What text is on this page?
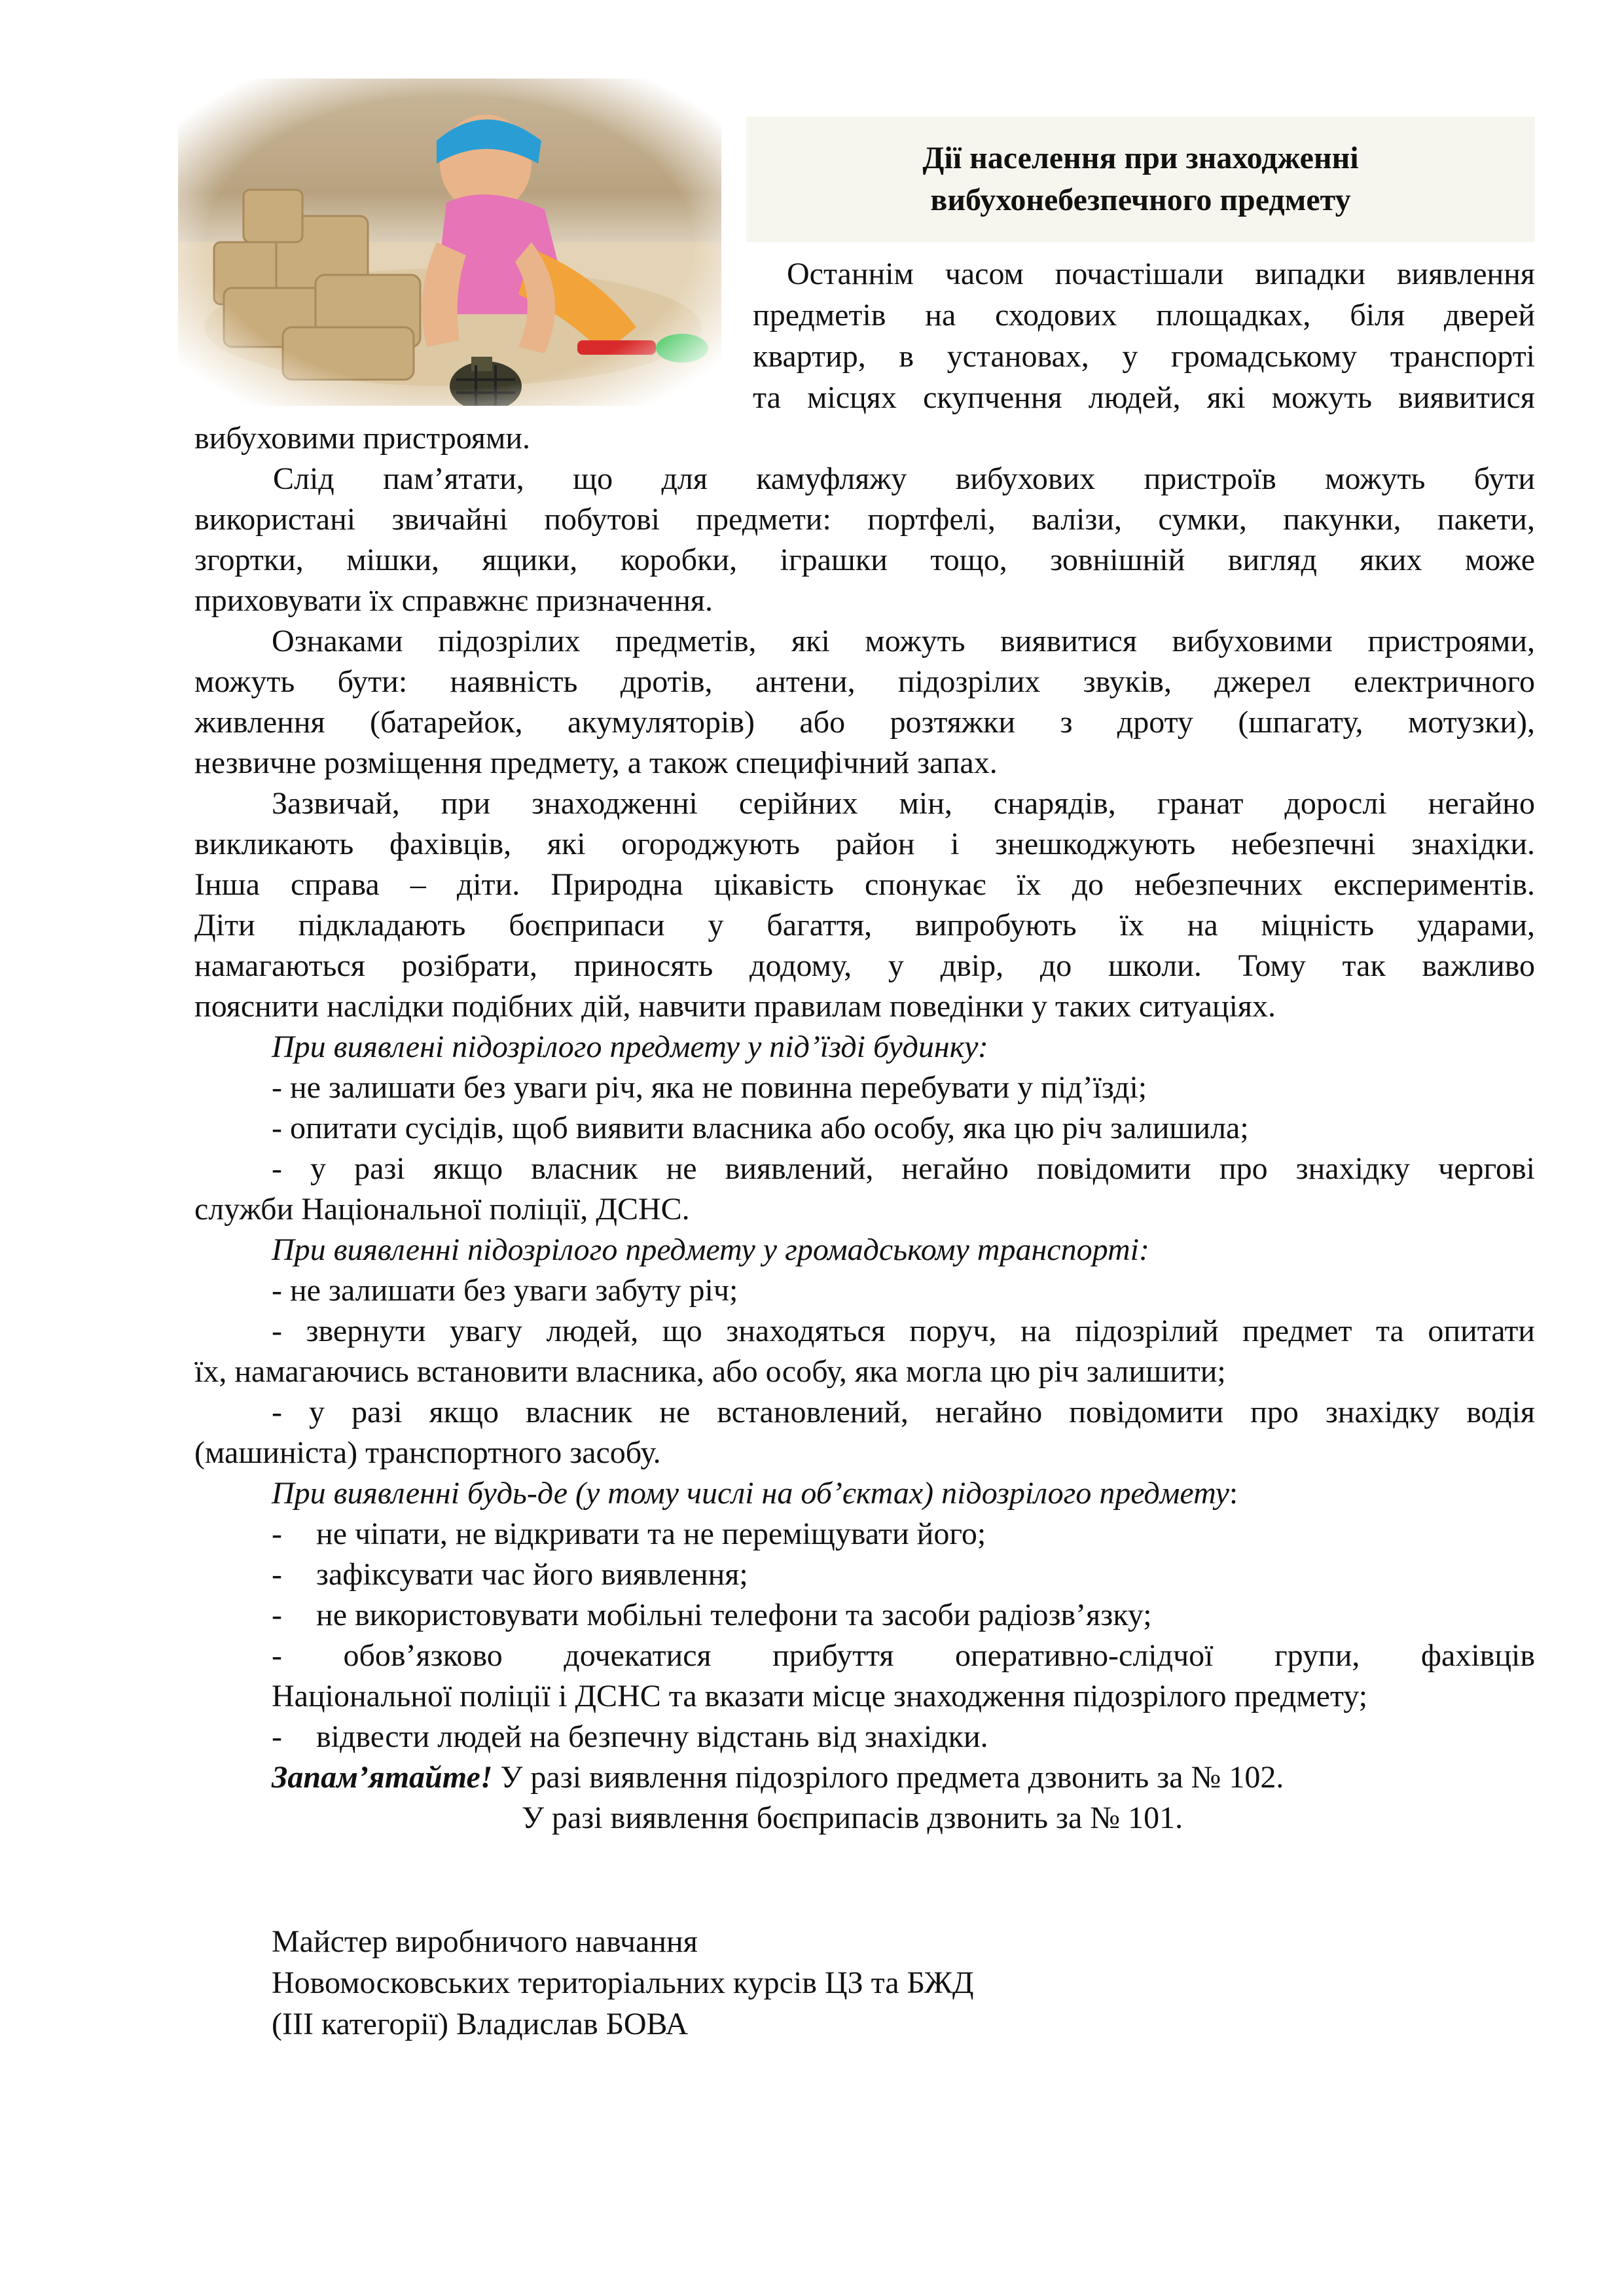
Дії населення при знаходженні
вибухонебезпечного предмету
Останнім часом почастішали випадки виявлення
предметів на сходових площадках, біля дверей
квартир, в установах, у громадському транспорті
та місцях скупчення людей, які можуть виявитися
вибуховими пристроями.
Слід пам’ятати, що для камуфляжу вибухових пристроїв можуть бути
використані звичайні побутові предмети: портфелі, валізи, сумки, пакунки, пакети,
згортки, мішки, ящики, коробки, іграшки тощо, зовнішній вигляд яких може
приховувати їх справжнє призначення.
Ознаками підозрілих предметів, які можуть виявитися вибуховими пристроями,
можуть бути: наявність дротів, антени, підозрілих звуків, джерел електричного
живлення (батарейок, акумуляторів) або розтяжки з дроту (шпагату, мотузки),
незвичне розміщення предмету, а також специфічний запах.
Зазвичай, при знаходженні серійних мін, снарядів, гранат дорослі негайно
викликають фахівців, які огороджують район і знешкоджують небезпечні знахідки.
Інша справа – діти. Природна цікавість спонукає їх до небезпечних експериментів.
Діти підкладають боєприпаси у багаття, випробують їх на міцність ударами,
намагаються розібрати, приносять додому, у двір, до школи. Тому так важливо
пояснити наслідки подібних дій, навчити правилам поведінки у таких ситуаціях.
При виявлені підозрілого предмету у під’їзді будинку:
- не залишати без уваги річ, яка не повинна перебувати у під’їзді;
- опитати сусідів, щоб виявити власника або особу, яка цю річ залишила;
- у разі якщо власник не виявлений, негайно повідомити про знахідку чергові
служби Національної поліції, ДСНС.
При виявленні підозрілого предмету у громадському транспорті:
- не залишати без уваги забуту річ;
- звернути увагу людей, що знаходяться поруч, на підозрілий предмет та опитати
їх, намагаючись встановити власника, або особу, яка могла цю річ залишити;
- у разі якщо власник не встановлений, негайно повідомити про знахідку водія
(машиніста) транспортного засобу.
При виявленні будь-де (у тому числі на об’єктах) підозрілого предмету:
-	не чіпати, не відкривати та не переміщувати його;
-	зафіксувати час його виявлення;
-	не використовувати мобільні телефони та засоби радіозв’язку;
- обов’язково дочекатися прибуття оперативно-слідчої групи, фахівців
Національної поліції і ДСНС та вказати місце знаходження підозрілого предмету;
-	відвести людей на безпечну відстань від знахідки.
Запам’ятайте! У разі виявлення підозрілого предмета дзвонить за № 102.
У разі виявлення боєприпасів дзвонить за № 101.
Майстер виробничого навчання
Новомосковських територіальних курсів ЦЗ та БЖД
(ІІІ категорії) Владислав БОВА
